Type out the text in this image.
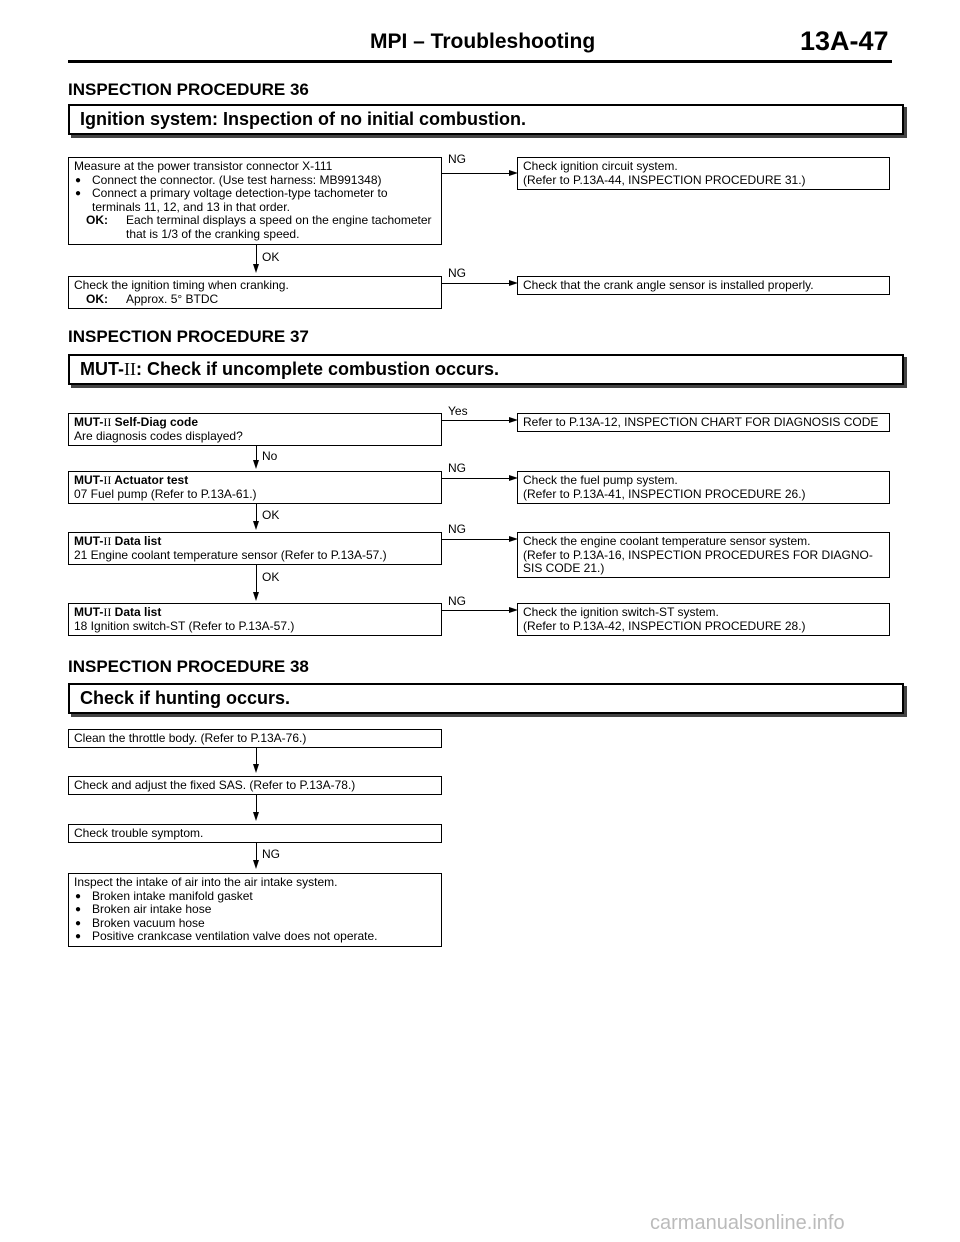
MPI – Troubleshooting	13A-47
INSPECTION PROCEDURE 36
Ignition system: Inspection of no initial combustion.
Measure at the power transistor connector X-111
● Connect the connector. (Use test harness: MB991348)
● Connect a primary voltage detection-type tachometer to terminals 11, 12, and 13 in that order.
OK: Each terminal displays a speed on the engine tachometer that is 1/3 of the cranking speed.
NG	Check ignition circuit system.
(Refer to P.13A-44, INSPECTION PROCEDURE 31.)
OK
Check the ignition timing when cranking.
OK: Approx. 5° BTDC
NG
Check that the crank angle sensor is installed properly.
INSPECTION PROCEDURE 37
MUT-II: Check if uncomplete combustion occurs.
MUT-II Self-Diag code
Are diagnosis codes displayed?
Yes
Refer to P.13A-12, INSPECTION CHART FOR DIAGNOSIS CODE
No
MUT-II Actuator test
07 Fuel pump (Refer to P.13A-61.)
NG
Check the fuel pump system.
(Refer to P.13A-41, INSPECTION PROCEDURE 26.)
OK
MUT-II Data list
21 Engine coolant temperature sensor (Refer to P.13A-57.)
NG
Check the engine coolant temperature sensor system.
(Refer to P.13A-16, INSPECTION PROCEDURES FOR DIAGNO-
SIS CODE 21.)
OK
MUT-II Data list
18 Ignition switch-ST (Refer to P.13A-57.)
NG
Check the ignition switch-ST system.
(Refer to P.13A-42, INSPECTION PROCEDURE 28.)
INSPECTION PROCEDURE 38
Check if hunting occurs.
Clean the throttle body. (Refer to P.13A-76.)
Check and adjust the fixed SAS. (Refer to P.13A-78.)
Check trouble symptom.
NG
Inspect the intake of air into the air intake system.
● Broken intake manifold gasket
● Broken air intake hose
● Broken vacuum hose
● Positive crankcase ventilation valve does not operate.
carmanualsonline.info
